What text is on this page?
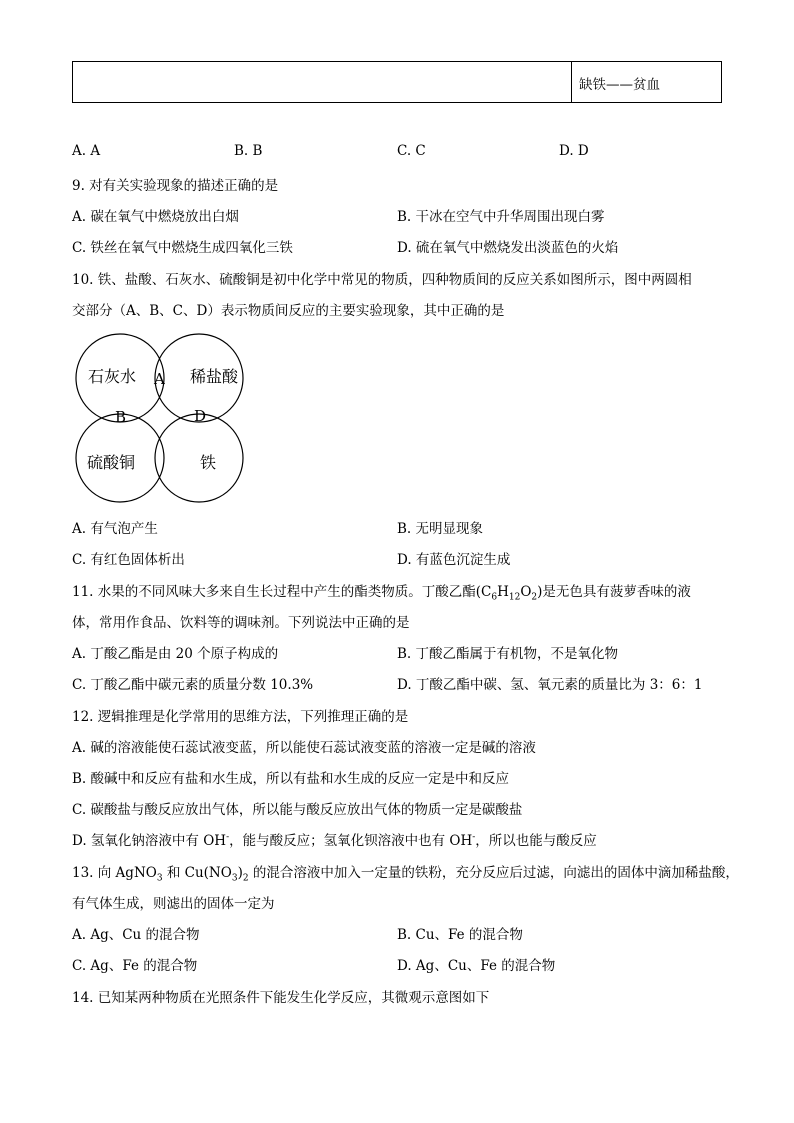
缺铁——贫血
A. A	B. B	C. C	D. D
9. 对有关实验现象的描述正确的是
A. 碳在氧气中燃烧放出白烟	B. 干冰在空气中升华周围出现白雾
C. 铁丝在氧气中燃烧生成四氧化三铁	D. 硫在氧气中燃烧发出淡蓝色的火焰
10. 铁、盐酸、石灰水、硫酸铜是初中化学中常见的物质，四种物质间的反应关系如图所示，图中两圆相
交部分（A、B、C、D）表示物质间反应的主要实验现象，其中正确的是
石灰水	稀盐酸
硫酸铜	铁
A
B	D
A. 有气泡产生	B. 无明显现象
C. 有红色固体析出	D. 有蓝色沉淀生成
11. 水果的不同风味大多来自生长过程中产生的酯类物质。丁酸乙酯$(C_6H_{12}O_2)$是无色具有菠萝香味的液
体，常用作食品、饮料等的调味剂。下列说法中正确的是
A. 丁酸乙酯是由 20 个原子构成的	B. 丁酸乙酯属于有机物，不是氧化物
C. 丁酸乙酯中碳元素的质量分数 10.3%	D. 丁酸乙酯中碳、氢、氧元素的质量比为 3：6：1
12. 逻辑推理是化学常用的思维方法，下列推理正确的是
A. 碱的溶液能使石蕊试液变蓝，所以能使石蕊试液变蓝的溶液一定是碱的溶液
B. 酸碱中和反应有盐和水生成，所以有盐和水生成的反应一定是中和反应
C. 碳酸盐与酸反应放出气体，所以能与酸反应放出气体的物质一定是碳酸盐
D. 氢氧化钠溶液中有 OH-，能与酸反应；氢氧化钡溶液中也有 OH-，所以也能与酸反应
13. 向 AgNO$_3$ 和 $Cu(NO_3)_2$ 的混合溶液中加入一定量的铁粉，充分反应后过滤，向滤出的固体中滴加稀盐酸，
有气体生成，则滤出的固体一定为
A. Ag、Cu 的混合物	B. Cu、Fe 的混合物
C. Ag、Fe 的混合物	D. Ag、Cu、Fe 的混合物
14. 已知某两种物质在光照条件下能发生化学反应，其微观示意图如下
